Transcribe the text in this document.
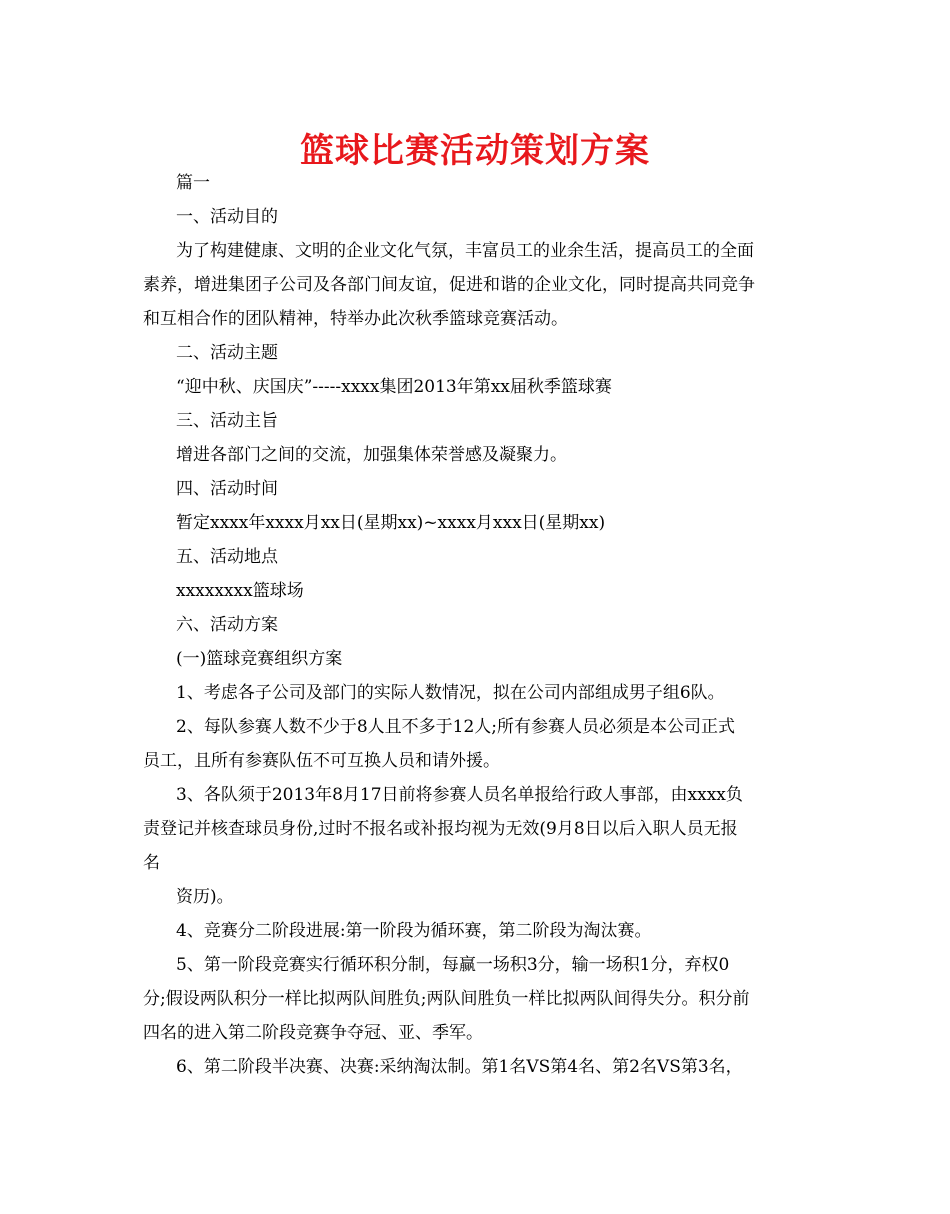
篮球比赛活动策划方案

篇一

一、活动目的

为了构建健康、文明的企业文化气氛，丰富员工的业余生活，提高员工的全面

素养，增进集团子公司及各部门间友谊，促进和谐的企业文化，同时提高共同竞争

和互相合作的团队精神，特举办此次秋季篮球竞赛活动。

二、活动主题

“迎中秋、庆国庆”-----xxxx集团2013年第xx届秋季篮球赛

三、活动主旨

增进各部门之间的交流，加强集体荣誉感及凝聚力。

四、活动时间

暂定xxxx年xxxx月xx日(星期xx)~xxxx月xxx日(星期xx)

五、活动地点

xxxxxxxx篮球场

六、活动方案

(一)篮球竞赛组织方案

1、考虑各子公司及部门的实际人数情况，拟在公司内部组成男子组6队。

2、每队参赛人数不少于8人且不多于12人;所有参赛人员必须是本公司正式

员工，且所有参赛队伍不可互换人员和请外援。

3、各队须于2013年8月17日前将参赛人员名单报给行政人事部，由xxxx负

责登记并核查球员身份,过时不报名或补报均视为无效(9月8日以后入职人员无报

名

资历)。

4、竞赛分二阶段进展:第一阶段为循环赛，第二阶段为淘汰赛。

5、第一阶段竞赛实行循环积分制，每赢一场积3分，输一场积1分，弃权0

分;假设两队积分一样比拟两队间胜负;两队间胜负一样比拟两队间得失分。积分前

四名的进入第二阶段竞赛争夺冠、亚、季军。

6、第二阶段半决赛、决赛:采纳淘汰制。第1名VS第4名、第2名VS第3名，
